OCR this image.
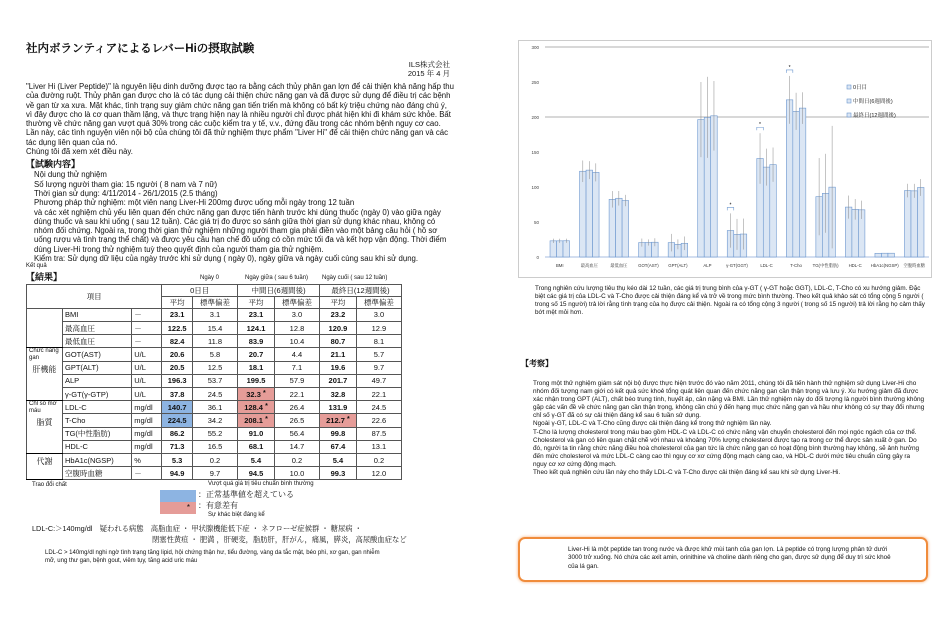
社内ボランティアによるレバーHiの摂取試験
ILS株式会社
2015 年 4 月
"Liver Hi (Liver Peptide)" là nguyên liệu dinh dưỡng được tạo ra bằng cách thủy phân gan lợn để cải thiện khả năng hấp thu của đường ruột. Thủy phân gan được cho là có tác dụng cải thiện chức năng gan và đã được sử dụng để điều trị các bệnh về gan từ xa xưa. Mặt khác, tình trạng suy giảm chức năng gan tiến triển mà không có bất kỳ triệu chứng nào đáng chú ý, vì đây được cho là cơ quan thầm lặng, và thực trạng hiện nay là nhiều người chỉ được phát hiện khi đi khám sức khỏe. Bất thường về chức năng gan vượt quá 30% trong các cuộc kiểm tra y tế, v.v., đứng đầu trong các nhóm bệnh nguy cơ cao.
Lần này, các tình nguyện viên nội bộ của chúng tôi đã thử nghiệm thực phẩm "Liver Hi" để cải thiện chức năng gan và các tác dụng liên quan của nó.
Chúng tôi đã xem xét điều này.
【試験内容】
Nội dung thử nghiệm
Số lượng người tham gia: 15 người ( 8 nam và 7 nữ)
Thời gian sử dụng: 4/11/2014 - 26/1/2015 (2.5 tháng)
Phương pháp thử nghiệm: một viên nang Liver-Hi 200mg được uống mỗi ngày trong 12 tuần
và các xét nghiệm chủ yếu liên quan đến chức năng gan được tiến hành trước khi dùng thuốc (ngày 0) vào giữa ngày dùng thuốc và sau khi uống ( sau 12 tuần). Các giá trị đo được so sánh giữa thời gian sử dụng khác nhau, không có nhóm đối chứng. Ngoài ra, trong thời gian thử nghiệm những người tham gia phải điền vào một bảng câu hỏi ( hồ sơ uống rượu và tình trạng thể chất) và được yêu cầu hạn chế đồ uống có cồn mức tối đa và kết hợp vận động. Thời điểm dùng Liver-Hi trong thử nghiệm tuỳ theo quyết định của người tham gia thử nghiệm.
Kiểm tra: Sử dụng dữ liệu của ngày trước khi sử dụng ( ngày 0), ngày giữa và ngày cuối cùng sau khi sử dụng.
Kết quả
【結果】	Ngày 0	Ngày giữa ( sau 6 tuần) Ngày cuối ( sau 12 tuần)
項目			0日目		中間日(6週間後)		最終日(12週間後)	
			平均	標準偏差	平均	標準偏差	平均	標準偏差

	BMI	－	23.1	3.1	23.1	3.0	23.2	3.0
	最高血圧	－	122.5	15.4	124.1	12.8	120.9	12.9
	最低血圧	－	82.4	11.8	83.9	10.4	80.7	8.1

Chức năng gan
肝機能	GOT(AST)	U/L	20.6	5.8	20.7	4.4	21.1	5.7
	GPT(ALT)	U/L	20.5	12.5	18.1	7.1	19.6	9.7
	ALP	U/L	196.3	53.7	199.5	57.9	201.7	49.7
	γ-GT(γ-GTP)	U/L	37.8	24.5	32.3 *	22.1	32.8	22.1

Chỉ số mỡ máu
脂質	LDL-C	mg/dl	140.7	36.1	128.4 *	26.4	131.9	24.5
	T-Cho	mg/dl	224.5	34.2	208.1 *	26.5	212.7 *	22.6
	TG(中性脂肪)	mg/dl	86.2	55.2	91.0	56.4	99.8	87.5
	HDL-C	mg/dl	71.3	16.5	68.1	14.7	67.4	13.1

代謝	HbA1c(NGSP)	%	5.3	0.2	5.4	0.2	5.4	0.2
	空腹時血糖	－	94.9	9.7	94.5	10.0	99.3	12.0
Trao đổi chất	Vượt quá giá trị tiêu chuẩn bình thường
*
：正常基準値を超えている
：有意差有
Sự khác biệt đáng kể
LDL-C:＞140mg/dl　疑われる病態　高脂血症 ・ 甲状腺機能低下症 ・ ネフローゼ症候群 ・ 糖尿病 ・
閉塞性黄疸 ・ 肥満 ，肝硬変，脂肪肝，肝がん，痛風，膵炎，高尿酸血症など
LDL-C > 140mg/dl nghi ngờ tình trạng tăng lipid, hội chứng thận hư, tiểu đường, vàng da tắc mật, béo phì, xơ gan, gan nhiễm mỡ, ung thư gan, bệnh gout, viêm tụy, tăng acid uric máu
0
50
100
150
200
250
300
BMI	最高血圧	最低血圧 GOT(AST) GPT(ALT)	ALP
*
γ-GT(GGT)
*
LDL-C
*
T-Cho TG(中性脂肪) HDL-C HbA1c(NGSP) 空腹時血糖
0日目
中間日(6週間後)
最終日(12週間後)
Trong nghiên cứu lượng tiêu thụ kéo dài 12 tuần, các giá trị trung bình của γ-GT ( γ-GT hoặc GGT), LDL-C, T-Cho có xu hướng giảm. Đặc biệt các giá trị của LDL-C và T-Cho được cải thiện đáng kể và trở về trong mức bình thường. Theo kết quả khảo sát có tổng cộng 5 người ( trong số 15 người) trả lời rằng tình trạng của họ được cải thiện. Ngoài ra có tổng cộng 3 người ( trong số 15 người) trả lời rằng họ cảm thấy bớt mệt mỏi hơn.
【考察】
Trong một thử nghiệm giám sát nội bộ được thực hiện trước đó vào năm 2011, chúng tôi đã tiến hành thử nghiệm sử dụng Liver-Hi cho nhóm đối tượng nam giới có kết quả sức khoẻ tổng quát liên quan đến chức năng gan cần thận trọng và lưu ý. Xu hướng giảm đã được xác nhận trong GPT (ALT), chất béo trung tính, huyết áp, cân nặng và BMI. Lần thử nghiệm này do đối tượng là người bình thường không gặp các vấn đề về chức năng gan cần thận trọng, không cần chú ý đến hạng mục chức năng gan và hầu như không có sự thay đổi nhưng chỉ số γ-GT đã có sự cải thiện đáng kể sau 6 tuần sử dụng.
Ngoài γ-GT, LDL-C và T-Cho cũng được cải thiện đáng kể trong thử nghiệm lần này.
T-Cho là lượng cholesterol trong máu bao gồm HDL-C và LDL-C có chức năng vận chuyển cholesterol đến mọi ngóc ngách của cơ thể. Cholesterol và gan có liên quan chặt chẽ với nhau và khoảng 70% lượng cholesterol được tạo ra trong cơ thể được sản xuất ở gan. Do đó, người ta tin rằng chức năng điều hoà cholesterol của gan tức là chức năng gan có hoạt động bình thường hay không, sẽ ảnh hưởng đến mức cholesterol và mức LDL-C càng cao thì nguy cơ xơ cứng động mạch càng cao, và HDL-C dưới mức tiêu chuẩn cũng gây ra nguy cơ xơ cứng động mạch.
Theo kết quả nghiên cứu lần này cho thấy LDL-C và T-Cho được cải thiện đáng kể sau khi sử dụng Liver-Hi.
Liver-Hi là một peptide tan trong nước và được khử mùi tanh của gan lợn. Là peptide có trọng lượng phân tử dưới 3000 trở xuống. Nó chứa các axit amin, orinithine và choline dành riêng cho gan, được sử dụng để duy trì sức khoẻ của lá gan.
